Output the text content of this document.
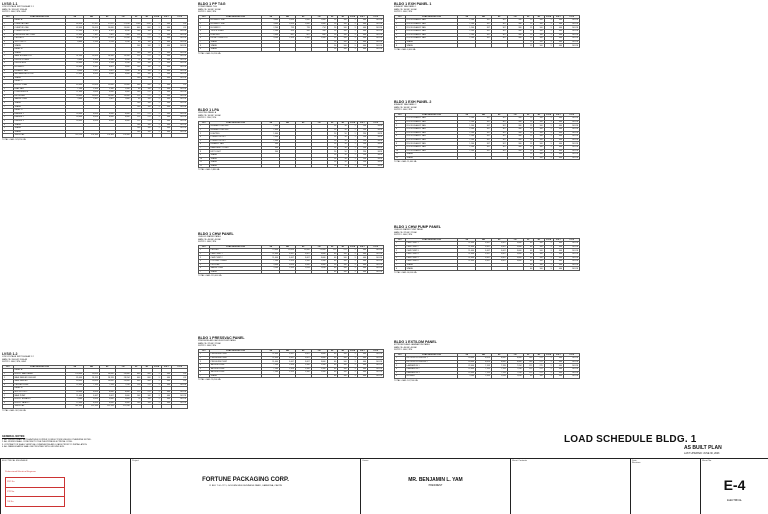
LVSG 1.1
LOW VOLTAGE SWITCHGEAR 1.1
MAIN CB: 3200 AT, 3200 AF
SUPPLY: 460V, 3PH, 60HZ
CKT	LOAD DESCRIPTION	VA	AB	BC	CA	AT	AF	POLE	VOLT	TYPE
	PANEL A									
1	CLIENT-A LOAD	83,450	27,817	27,817	27,816	1200	1200	3	460	LSI
2	CLIENT-B LOAD	42,000	14,000	14,000	14,000	600	800	3	460	LSI
3	POWER OUTLET	12,500	4,167	4,167	4,166	100	100	3	460	MCCB
4	PRESSURE VAC PUMP	22,400	7,467	7,467	7,466	150	225	3	460	MCCB
5	CHILLER 1	36,800	12,267	12,267	12,266	225	225	3	460	MCCB
6	SPLIT UNIT 1	8,800	2,933	2,933	2,934	60	100	3	460	MCCB
7	SPARE					100	100	3	460	MCCB
	PANEL B									
1	SPARE					100	100	3	460	MCCB
2	MAIN BUS AIRCON	31,500	10,500	10,500	10,500	225	225	3	460	MCCB
3	OFFICE POWER	9,600	3,200	3,200	3,200	70	100	3	460	MCCB
4	OFFICE BUS	16,000	5,333	5,333	5,334	100	100	3	460	MCCB
5	BLOWER 1	14,000	4,667	4,667	4,666	100	100	3	460	MCCB
6	EXHAUST FAN	8,000	2,667	2,667	2,666	60	100	3	460	MCCB
7	MECHANICAL ROOM	12,000	4,000	4,000	4,000	100	100	3	460	MCCB
8	SPARE					100	100	3	460	MCCB
	PANEL C									
1	BLDG-1 LOAD	45,000	15,000	15,000	15,000	300	400	3	460	LSI
2	EVAP FAN	7,500	2,500	2,500	2,500	60	100	3	460	MCCB
3	COMPRESSOR	27,000	9,000	9,000	9,000	200	225	3	460	MCCB
4	EXTRUDER	30,000	10,000	10,000	10,000	225	225	3	460	MCCB
5	WATER PUMP	5,600	1,867	1,867	1,866	40	100	3	460	MCCB
6	SPARE					100	100	3	460	MCCB
7	SPARE					100	100	3	460	MCCB
	PANEL D									
1	FEEDER 1	18,000	6,000	6,000	6,000	125	225	3	460	MCCB
2	FEEDER 2	18,000	6,000	6,000	6,000	125	225	3	460	MCCB
3	FEEDER 3	18,000	6,000	6,000	6,000	125	225	3	460	MCCB
4	SPARE					100	100	3	460	MCCB
5	SPARE					100	100	3	460	MCCB
6	SPARE					100	100	3	460	MCCB
	SUBTOTAL	523,150	174,383	174,383	174,384					
TOTAL LOAD: 523,150 VA
LVSG 1.2
LOW VOLTAGE SWITCHGEAR 1.2
MAIN CB: 2000 AT, 2000 AF
SUPPLY: 460V, 3PH, 60HZ
CKT	LOAD DESCRIPTION	VA	AB	BC	CA	AT	AF	POLE	VOLT	TYPE
	PANEL A									
1	BLDG 1 MAIN PANEL	150,000	50,000	50,000	50,000	800	800	3	460	LSI
2	MAIN FEEDER CHILLER	85,000	28,333	28,333	28,334	600	800	3	460	LSI
3	MAIN FEEDER	60,000	20,000	20,000	20,000	400	400	3	460	LSI
4	CHILLER PUMP	22,000	7,333	7,333	7,334	150	225	3	460	MCCB
	PANEL B									
1	MCP FLOOR 2	18,000	6,000	6,000	6,000	125	225	3	460	MCCB
2	MAIN PUMP	11,000	3,667	3,667	3,666	100	100	3	460	MCCB
3	BLDG 1 EXHAUST	9,000	3,000	3,000	3,000	70	100	3	460	MCCB
4	BLDG 1 PANEL 2	12,000	4,000	4,000	4,000	100	100	3	460	MCCB
	SUBTOTAL	367,000	122,333	122,333	122,334					
TOTAL LOAD: 367,000 VA
BLDG 1 PP T&G
POWER PANEL T&G
MAIN CB: 100 AT, 100 AF
SUPPLY: 460V, 3PH
CKT	LOAD DESCRIPTION	VA	AB	BC	CA	AT	AF	POLE	VOLT	TYPE
1	BLOWER 1 UNIT	3,000	1,000	1,000	1,000	20	100	3	460	MCCB
2	BLOWER 2 UNIT	3,000	1,000	1,000	1,000	20	100	3	460	MCCB
3	BLOWER 3	2,200	733	733	734	20	100	3	460	MCCB
4	TRUCK SCALE	1,500	500	500	500	20	100	3	460	MCCB
5	LIGHTING	2,000	667	667	666	20	100	3	460	MCCB
6	FROM CONVEYOR	4,500	1,500	1,500	1,500	30	100	3	460	MCCB
7	SPARE					20	100	3	460	MCCB
8	SPARE					20	100	3	460	MCCB
9	SPARE					20	100	3	460	MCCB
TOTAL LOAD: 16,200 VA
BLDG 1 LPA
LIGHTING PANEL A
MAIN CB: 100 AT, 100 AF
SUPPLY: 230V, 1PH
CKT	LOAD DESCRIPTION	VA	AB	BC	CA	AT	AF	POLE	VOLT	TYPE
1	HIGHBAY LIGHTING	1,800				20	50	1	230	MCB
2	HIGHBAY LIGHTING	1,800				20	50	1	230	MCB
3	LIGHTING	1,600				20	50	1	230	MCB
4	POWER OUTLET	1,440				20	50	1	230	MCB
5	POWER OUTLET	1,440				20	50	1	230	MCB
6	EXHAUST FAN	900				20	50	1	230	MCB
7	EMERGENCY LIGHT	600				20	50	1	230	MCB
8	EXIT LIGHT	300				20	50	1	230	MCB
9	SPARE					20	50	1	230	MCB
10	SPARE					20	50	1	230	MCB
11	SPARE					20	50	1	230	MCB
12	SPARE					20	50	1	230	MCB
TOTAL LOAD: 9,880 VA
BLDG 1 CHW PANEL
CHILLED WATER PANEL
MAIN CB: 400 AT, 400 AF
SUPPLY: 460V, 3PH
CKT	LOAD DESCRIPTION	VA	AB	BC	CA	AT	AF	POLE	VOLT	TYPE
1	CHILLER	75,000	25,000	25,000	25,000	225	225	3	460	MCCB
2	CHW PUMP 1	11,000	3,667	3,667	3,666	60	100	3	460	MCCB
3	CHW PUMP 2	11,000	3,667	3,667	3,666	60	100	3	460	MCCB
4	COOLING TOWER	7,500	2,500	2,500	2,500	40	100	3	460	MCCB
5	CW PUMP	9,000	3,000	3,000	3,000	50	100	3	460	MCCB
6	WATER PUMP	5,500	1,833	1,833	1,834	40	100	3	460	MCCB
7	SPARE					40	100	3	460	MCCB
TOTAL LOAD: 119,000 VA
BLDG 1 PRESSVAC PANEL
PRESSURE AND VACUUM PUMP PANEL
MAIN CB: 225 AT, 225 AF
SUPPLY: 460V, 3PH
CKT	LOAD DESCRIPTION	VA	AB	BC	CA	AT	AF	POLE	VOLT	TYPE
1	PRESSURE PUMP	11,000	3,667	3,667	3,666	60	100	3	460	MCCB
2	PRESSURE PUMP	11,000	3,667	3,667	3,666	60	100	3	460	MCCB
3	PRESSURE PUMP	11,000	3,667	3,667	3,666	60	100	3	460	MCCB
4	VACUUM PUMP	7,500	2,500	2,500	2,500	40	100	3	460	MCCB
5	VACUUM PUMP	7,500	2,500	2,500	2,500	40	100	3	460	MCCB
6	VACUUM PUMP	7,500	2,500	2,500	2,500	40	100	3	460	MCCB
7	SPARE					40	100	3	460	MCCB
TOTAL LOAD: 55,500 VA
BLDG 1 EXH PANEL 1
EXHAUST FAN PANEL 1
MAIN CB: 100 AT, 100 AF
SUPPLY: 460V, 3PH
CKT	LOAD DESCRIPTION	VA	AB	BC	CA	AT	AF	POLE	VOLT	TYPE
1	ROOF EXHAUST FAN	1,100	367	367	366	15	100	3	460	MCCB
2	ROOF EXHAUST FAN	1,100	367	367	366	15	100	3	460	MCCB
3	ROOF EXHAUST FAN	1,100	367	367	366	15	100	3	460	MCCB
4	ROOF EXHAUST FAN	1,100	367	367	366	15	100	3	460	MCCB
5	ROOF EXHAUST FAN	1,100	367	367	366	15	100	3	460	MCCB
6	ROOF EXHAUST FAN	1,100	367	367	366	15	100	3	460	MCCB
7	SPARE					15	100	3	460	MCCB
8	SPARE					15	100	3	460	MCCB
TOTAL LOAD: 6,600 VA
BLDG 1 EXH PANEL 2
EXHAUST FAN PANEL 2
MAIN CB: 100 AT, 100 AF
SUPPLY: 460V, 3PH
CKT	LOAD DESCRIPTION	VA	AB	BC	CA	AT	AF	POLE	VOLT	TYPE
1	ROOF EXHAUST FAN	1,100	367	367	366	15	100	3	460	MCCB
2	ROOF EXHAUST FAN	1,100	367	367	366	15	100	3	460	MCCB
3	ROOF EXHAUST FAN	1,100	367	367	366	15	100	3	460	MCCB
4	ROOF EXHAUST FAN	1,100	367	367	366	15	100	3	460	MCCB
5	ROOF EXHAUST FAN	1,100	367	367	366	15	100	3	460	MCCB
6	ROOF EXHAUST FAN	1,100	367	367	366	15	100	3	460	MCCB
7	ROOF EXHAUST FAN	1,100	367	367	366	15	100	3	460	MCCB
8	ROOF EXHAUST FAN	1,100	367	367	366	15	100	3	460	MCCB
9	ROOF EXHAUST FAN	1,100	367	367	366	15	100	3	460	MCCB
10	ROOF EXHAUST FAN	1,100	367	367	366	15	100	3	460	MCCB
11	SPARE					15	100	3	460	MCCB
12	SPARE					15	100	3	460	MCCB
TOTAL LOAD: 11,000 VA
BLDG 1 CHW PUMP PANEL
CHILLED WATER PUMP PANEL
MAIN CB: 225 AT, 225 AF
SUPPLY: 460V, 3PH
CKT	LOAD DESCRIPTION	VA	AB	BC	CA	AT	AF	POLE	VOLT	TYPE
1	CHW PUMP 1	11,000	3,667	3,667	3,666	60	100	3	460	MCCB
2	CHW PUMP 2	11,000	3,667	3,667	3,666	60	100	3	460	MCCB
3	CHW PUMP 3	11,000	3,667	3,667	3,666	60	100	3	460	MCCB
4	CHW PUMP 4	11,000	3,667	3,667	3,666	60	100	3	460	MCCB
5	CHW PUMP 5	11,000	3,667	3,667	3,666	60	100	3	460	MCCB
6	CHW PUMP 6	11,000	3,667	3,667	3,666	60	100	3	460	MCCB
7	SPARE					60	100	3	460	MCCB
8	SPARE					60	100	3	460	MCCB
TOTAL LOAD: 66,000 VA
BLDG 1 EXT/LDM PANEL
EXTRUSION AND LAMINATION PANEL
MAIN CB: 400 AT, 400 AF
SUPPLY: 460V, 3PH
CKT	LOAD DESCRIPTION	VA	AB	BC	CA	AT	AF	POLE	VOLT	TYPE
1	EXTRUSION CHILLER 1	18,000	6,000	6,000	6,000	100	225	3	460	MCCB
2	EXTRUSION CHILLER 2	18,000	6,000	6,000	6,000	100	225	3	460	MCCB
3	LAMINATION 1	22,000	7,333	7,333	7,334	125	225	3	460	MCCB
4	LAMINATION 2	22,000	7,333	7,333	7,334	125	225	3	460	MCCB
5	LAMINATION 3	22,000	7,333	7,333	7,334	125	225	3	460	MCCB
6	BLOWER	5,500	1,833	1,833	1,834	40	100	3	460	MCCB
TOTAL LOAD: 107,500 VA
GENERAL NOTES:
1. ALL WIRING SHALL BE THHN/THWN COPPER CONDUCTORS UNLESS OTHERWISE NOTED.
2. ALL WORKS SHALL CONFORM TO THE PHILIPPINE ELECTRICAL CODE.
3. CONTRACTOR SHALL VERIFY ALL DIMENSIONS AND LOADS PRIOR TO INSTALLATION.
4. ALL PANELBOARDS SHALL BE PROVIDED WITH GROUND BUS.
LOAD SCHEDULE BLDG. 1
AS BUILT PLAN
LAST UPDATED: JUNE 30, 2023
ELECTRICAL ENGINEER
Professional Electrical Engineer
PRC No.	
PTR No.	
TIN No.	
Project
FORTUNE PACKAGING CORP.
#1 BLK 7 & LOT 1, GOLDEN MILE BUSINESS PARK, CARMONA, CAVITE
Owner
MR. BENJAMIN L. YAM
PRESIDENT
Sheet Contents	Date
Revision
Sheet No.
E-4
ELECTRICAL
